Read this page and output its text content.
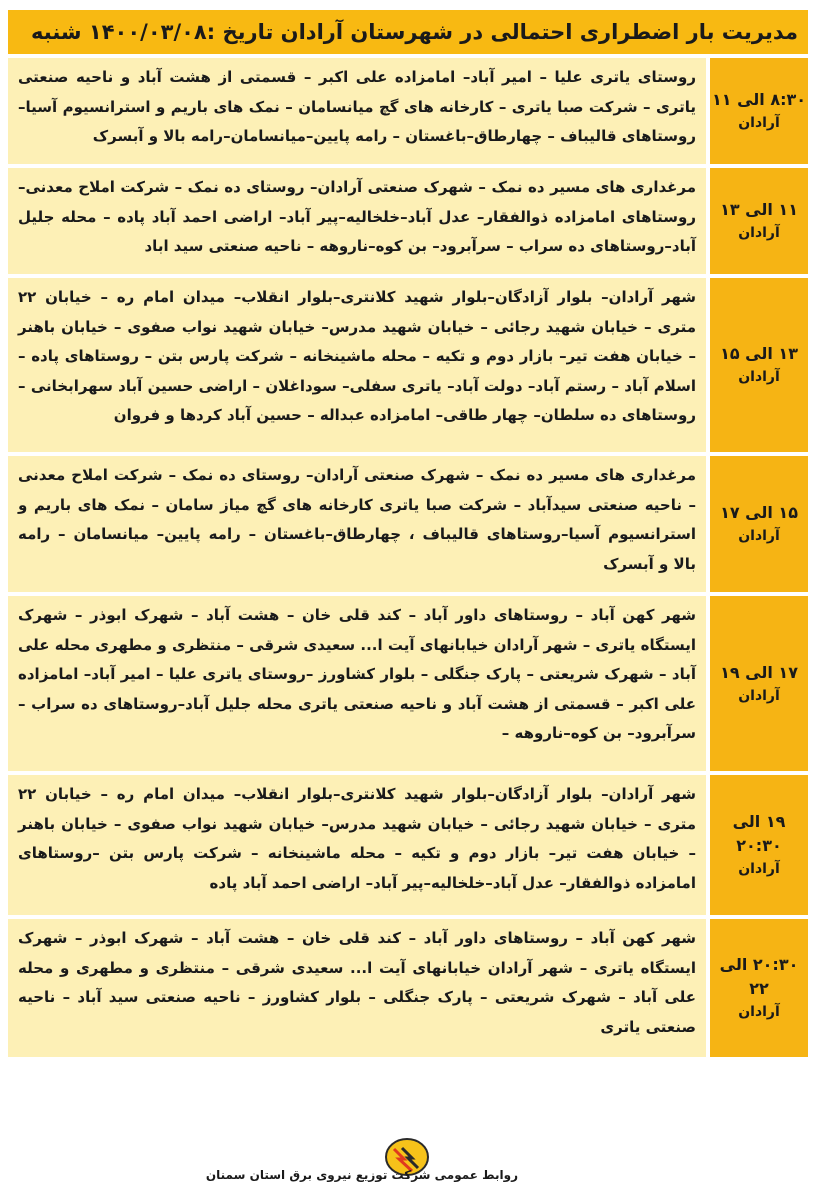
مدیریت بار اضطراری احتمالی در شهرستان آرادان تاریخ :۱۴۰۰/۰۳/۰۸ شنبه
۸:۳۰ الی ۱۱
آرادان
روستای یاتری علیا – امیر آباد– امامزاده علی اکبر – قسمتی از هشت آباد و ناحیه صنعتی یاتری – شرکت صبا یاتری – کارخانه های گچ میانسامان – نمک های باریم و استرانسیوم آسیا–روستاهای قالیباف – چهارطاق–باغستان – رامه پایین–میانسامان–رامه بالا و آبسرک
۱۱ الی ۱۳
آرادان
مرغداری های مسیر ده نمک – شهرک صنعتی آرادان– روستای ده نمک – شرکت املاح معدنی– روستاهای امامزاده ذوالفقار– عدل آباد–خلخالیه–پیر آباد– اراضی احمد آباد پاده – محله جلیل آباد–روستاهای ده سراب – سرآبرود– بن کوه–ناروهه – ناحیه صنعتی سید اباد
۱۳ الی ۱۵
آرادان
شهر آرادان– بلوار آزادگان–بلوار شهید کلانتری–بلوار انقلاب– میدان امام ره – خیابان ۲۲ متری – خیابان شهید رجائی – خیابان شهید مدرس– خیابان شهید نواب صفوی – خیابان باهنر – خیابان هفت تیر– بازار دوم و تکیه – محله ماشینخانه – شرکت پارس بتن – روستاهای پاده – اسلام آباد – رستم آباد– دولت آباد– یاتری سفلی– سوداغلان – اراضی حسین آباد سهرابخانی – روستاهای ده سلطان– چهار طاقی– امامزاده عبداله – حسین آباد کردها و فروان
۱۵ الی ۱۷
آرادان
مرغداری های مسیر ده نمک – شهرک صنعتی آرادان– روستای ده نمک – شرکت املاح معدنی – ناحیه صنعتی سیدآباد – شرکت صبا یاتری کارخانه های گچ میاز سامان – نمک های باریم و استرانسیوم آسیا–روستاهای قالیباف ، چهارطاق–باغستان – رامه پایین– میانسامان – رامه بالا و آبسرک
۱۷ الی ۱۹
آرادان
شهر کهن آباد – روستاهای داور آباد – کند قلی خان – هشت آباد – شهرک ابوذر – شهرک ایستگاه یاتری – شهر آرادان خیابانهای آیت ا... سعیدی شرقی – منتظری و مطهری محله علی آباد – شهرک شریعتی – پارک جنگلی – بلوار کشاورز –روستای یاتری علیا – امیر آباد– امامزاده علی اکبر – قسمتی از هشت آباد و ناحیه صنعتی یاتری محله جلیل آباد–روستاهای ده سراب – سرآبرود– بن کوه–ناروهه –
۱۹ الی ۲۰:۳۰
آرادان
شهر آرادان– بلوار آزادگان–بلوار شهید کلانتری–بلوار انقلاب– میدان امام ره – خیابان ۲۲ متری – خیابان شهید رجائی – خیابان شهید مدرس– خیابان شهید نواب صفوی – خیابان باهنر – خیابان هفت تیر– بازار دوم و تکیه – محله ماشینخانه – شرکت پارس بتن –روستاهای امامزاده ذوالفقار– عدل آباد–خلخالیه–پیر آباد– اراضی احمد آباد پاده
۲۰:۳۰ الی ۲۲
آرادان
شهر کهن آباد – روستاهای داور آباد – کند قلی خان – هشت آباد – شهرک ابوذر – شهرک ایستگاه یاتری – شهر آرادان خیابانهای آیت ا... سعیدی شرقی – منتظری و مطهری و محله علی آباد – شهرک شریعتی – پارک جنگلی – بلوار کشاورز – ناحیه صنعتی سید آباد – ناحیه صنعتی یاتری
روابط عمومی شرکت توزیع نیروی برق استان سمنان
